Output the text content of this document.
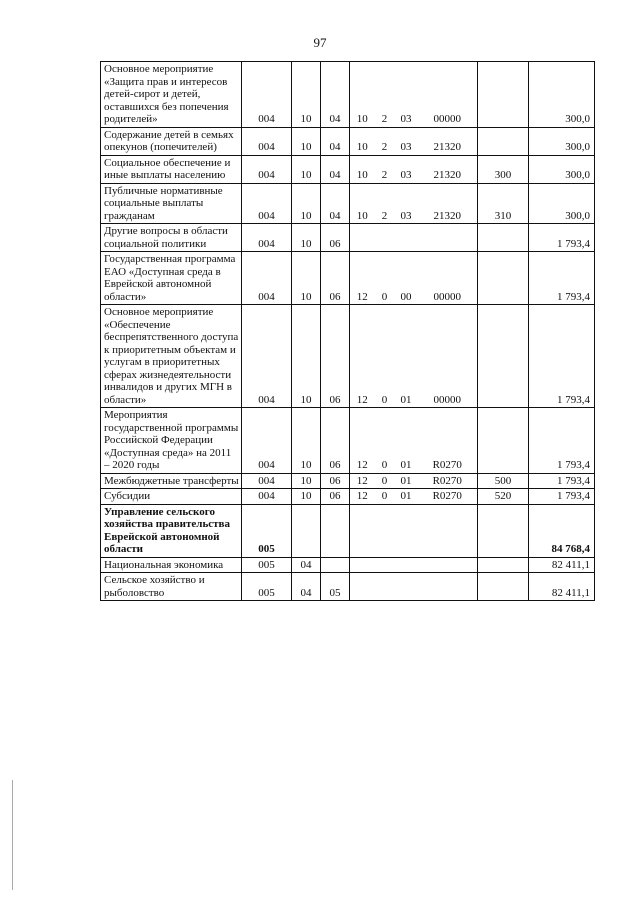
97
Основное мероприятие «Защита прав и интересов детей-сирот и детей, оставшихся без попечения родителей»	004	10	04	10	2	03	00000		300,0
Содержание детей в семьях опекунов (попечителей)	004	10	04	10	2	03	21320		300,0
Социальное обеспечение и иные выплаты населению	004	10	04	10	2	03	21320	300	300,0
Публичные нормативные социальные выплаты гражданам	004	10	04	10	2	03	21320	310	300,0
Другие вопросы в области социальной политики	004	10	06						1 793,4
Государственная программа ЕАО «Доступная среда в Еврейской автономной области»	004	10	06	12	0	00	00000		1 793,4
Основное мероприятие «Обеспечение беспрепятственного доступа к приоритетным объектам и услугам в приоритетных сферах жизнедеятельности инвалидов и других МГН в области»	004	10	06	12	0	01	00000		1 793,4
Мероприятия государственной программы Российской Федерации «Доступная среда» на 2011 – 2020 годы	004	10	06	12	0	01	R0270		1 793,4
Межбюджетные трансферты	004	10	06	12	0	01	R0270	500	1 793,4
Субсидии	004	10	06	12	0	01	R0270	520	1 793,4
Управление сельского хозяйства правительства Еврейской автономной области	005								84 768,4
Национальная экономика	005	04							82 411,1
Сельское хозяйство и рыболовство	005	04	05						82 411,1
